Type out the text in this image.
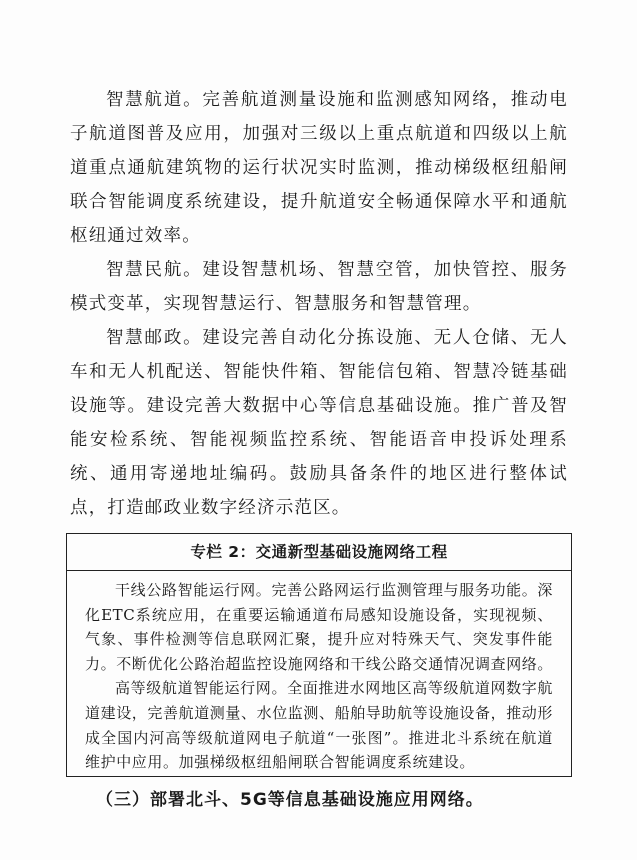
智慧航道。完善航道测量设施和监测感知网络，推动电子航道图普及应用，加强对三级以上重点航道和四级以上航道重点通航建筑物的运行状况实时监测，推动梯级枢纽船闸联合智能调度系统建设，提升航道安全畅通保障水平和通航枢纽通过效率。

智慧民航。建设智慧机场、智慧空管，加快管控、服务模式变革，实现智慧运行、智慧服务和智慧管理。

智慧邮政。建设完善自动化分拣设施、无人仓储、无人车和无人机配送、智能快件箱、智能信包箱、智慧冷链基础设施等。建设完善大数据中心等信息基础设施。推广普及智能安检系统、智能视频监控系统、智能语音申投诉处理系统、通用寄递地址编码。鼓励具备条件的地区进行整体试点，打造邮政业数字经济示范区。

专栏 2：交通新型基础设施网络工程

干线公路智能运行网。完善公路网运行监测管理与服务功能。深化ETC系统应用，在重要运输通道布局感知设施设备，实现视频、气象、事件检测等信息联网汇聚，提升应对特殊天气、突发事件能力。不断优化公路治超监控设施网络和干线公路交通情况调查网络。

高等级航道智能运行网。全面推进水网地区高等级航道网数字航道建设，完善航道测量、水位监测、船舶导助航等设施设备，推动形成全国内河高等级航道网电子航道“一张图”。推进北斗系统在航道维护中应用。加强梯级枢纽船闸联合智能调度系统建设。

（三）部署北斗、5G等信息基础设施应用网络。
